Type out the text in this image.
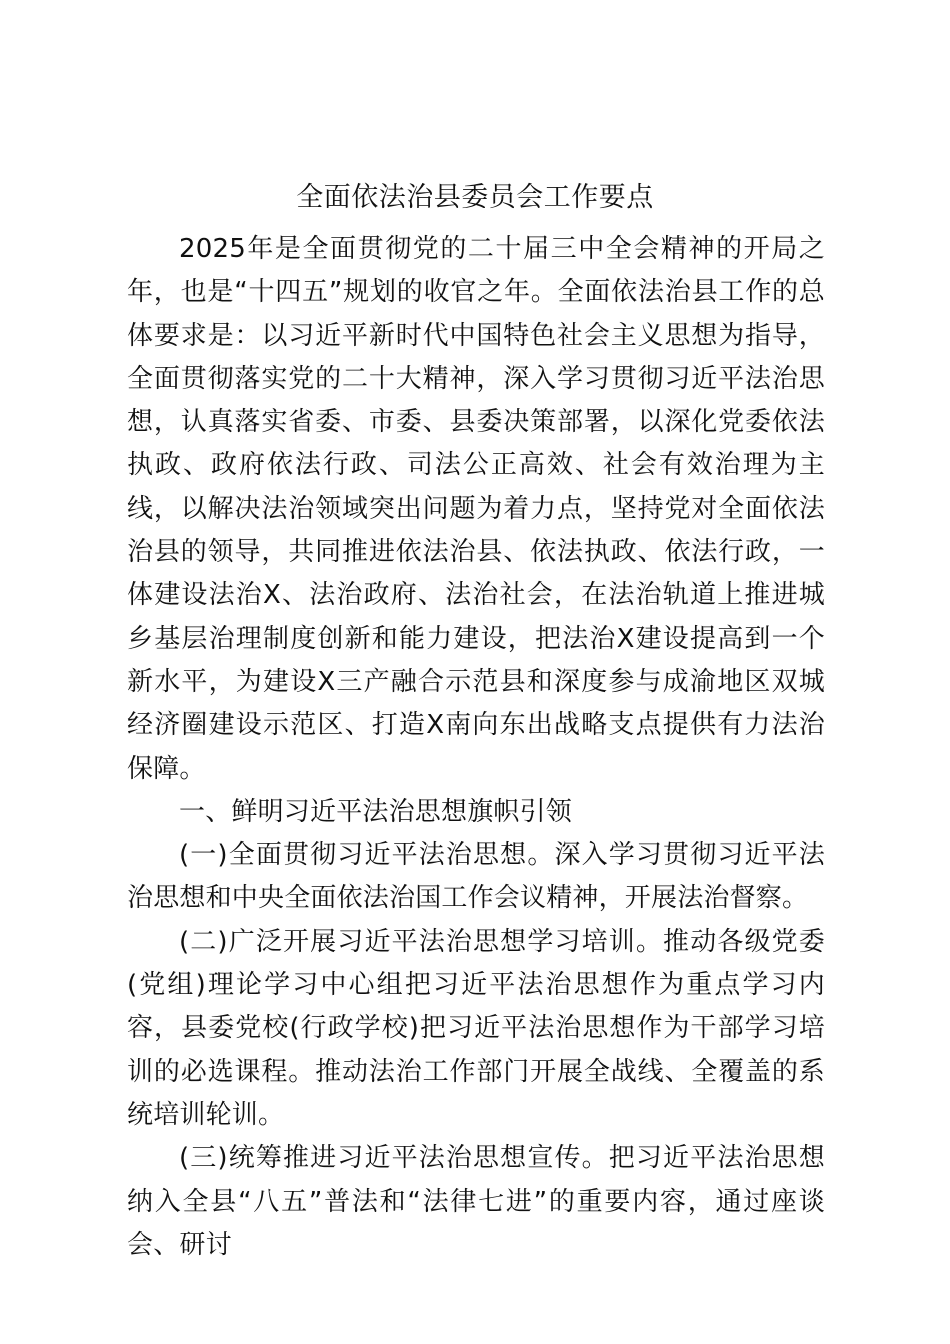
全面依法治县委员会工作要点

2025年是全面贯彻党的二十届三中全会精神的开局之年，也是“十四五”规划的收官之年。全面依法治县工作的总体要求是：以习近平新时代中国特色社会主义思想为指导，全面贯彻落实党的二十大精神，深入学习贯彻习近平法治思想，认真落实省委、市委、县委决策部署，以深化党委依法执政、政府依法行政、司法公正高效、社会有效治理为主线，以解决法治领域突出问题为着力点，坚持党对全面依法治县的领导，共同推进依法治县、依法执政、依法行政，一体建设法治X、法治政府、法治社会，在法治轨道上推进城乡基层治理制度创新和能力建设，把法治X建设提高到一个新水平，为建设X三产融合示范县和深度参与成渝地区双城经济圈建设示范区、打造X南向东出战略支点提供有力法治保障。

一、鲜明习近平法治思想旗帜引领

(一)全面贯彻习近平法治思想。深入学习贯彻习近平法治思想和中央全面依法治国工作会议精神，开展法治督察。

(二)广泛开展习近平法治思想学习培训。推动各级党委(党组)理论学习中心组把习近平法治思想作为重点学习内容，县委党校(行政学校)把习近平法治思想作为干部学习培训的必选课程。推动法治工作部门开展全战线、全覆盖的系统培训轮训。

(三)统筹推进习近平法治思想宣传。把习近平法治思想纳入全县“八五”普法和“法律七进”的重要内容，通过座谈会、研讨
